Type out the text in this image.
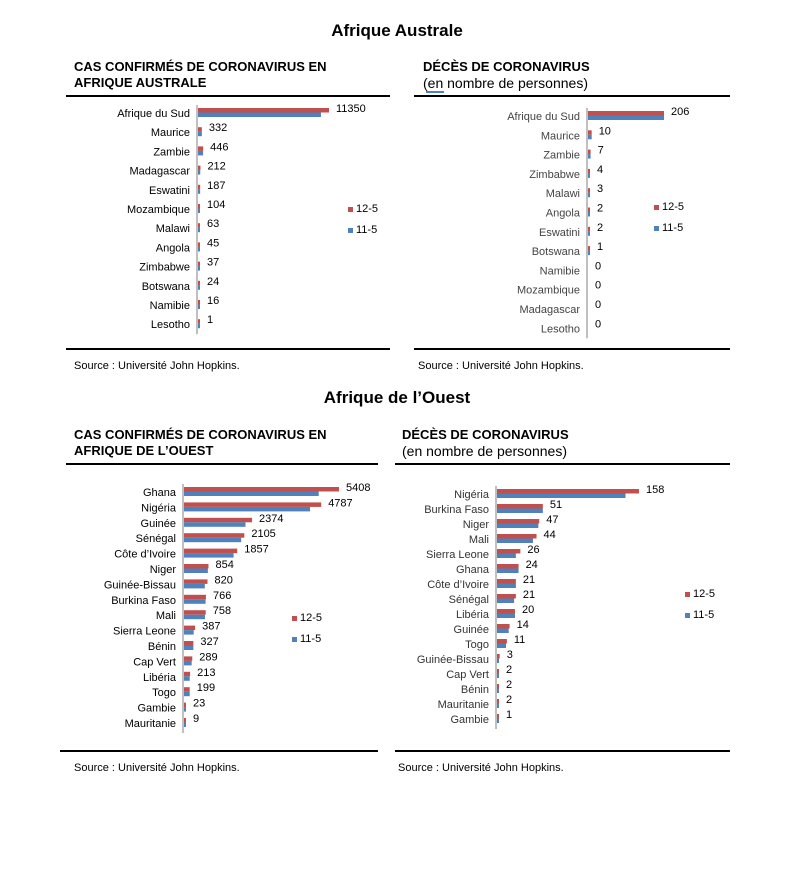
Afrique Australe
Afrique de l’Ouest
CAS CONFIRMÉS DE CORONAVIRUS EN
AFRIQUE AUSTRALE
Afrique du Sud	11350
Maurice 332
Zambie 446
Madagascar 212
Eswatini 187
Mozambique 104
Malawi 63
Angola 45
Zimbabwe 37
Botswana 24
Namibie 16
Lesotho 1
12-5
11-5
Source : Université John Hopkins.
DÉCÈS DE CORONAVIRUS
(en nombre de personnes)
Afrique du Sud	206
Maurice 10
Zambie 7
Zimbabwe 4
Malawi 3
Angola 2
Eswatini 2
Botswana 1
Namibie 0
Mozambique 0
Madagascar 0
Lesotho 0
12-5
11-5
Source : Université John Hopkins.
CAS CONFIRMÉS DE CORONAVIRUS EN
AFRIQUE DE L’OUEST
Ghana	5408
Nigéria	4787
Guinée	2374
Sénégal	2105
Côte d’Ivoire	1857
Niger	854
Guinée-Bissau	820
Burkina Faso	766
Mali	758
Sierra Leone 387
Bénin 327
Cap Vert 289
Libéria 213
Togo 199
Gambie 23
Mauritanie 9
12-5
11-5
Source : Université John Hopkins.
DÉCÈS DE CORONAVIRUS
(en nombre de personnes)
Nigéria	158
Burkina Faso	51
Niger	47
Mali	44
Sierra Leone	26
Ghana	24
Côte d’Ivoire	21
Sénégal	21
Libéria	20
Guinée	14
Togo 11
Guinée-Bissau 3
Cap Vert 2
Bénin 2
Mauritanie 2
Gambie 1
12-5
11-5
Source : Université John Hopkins.
